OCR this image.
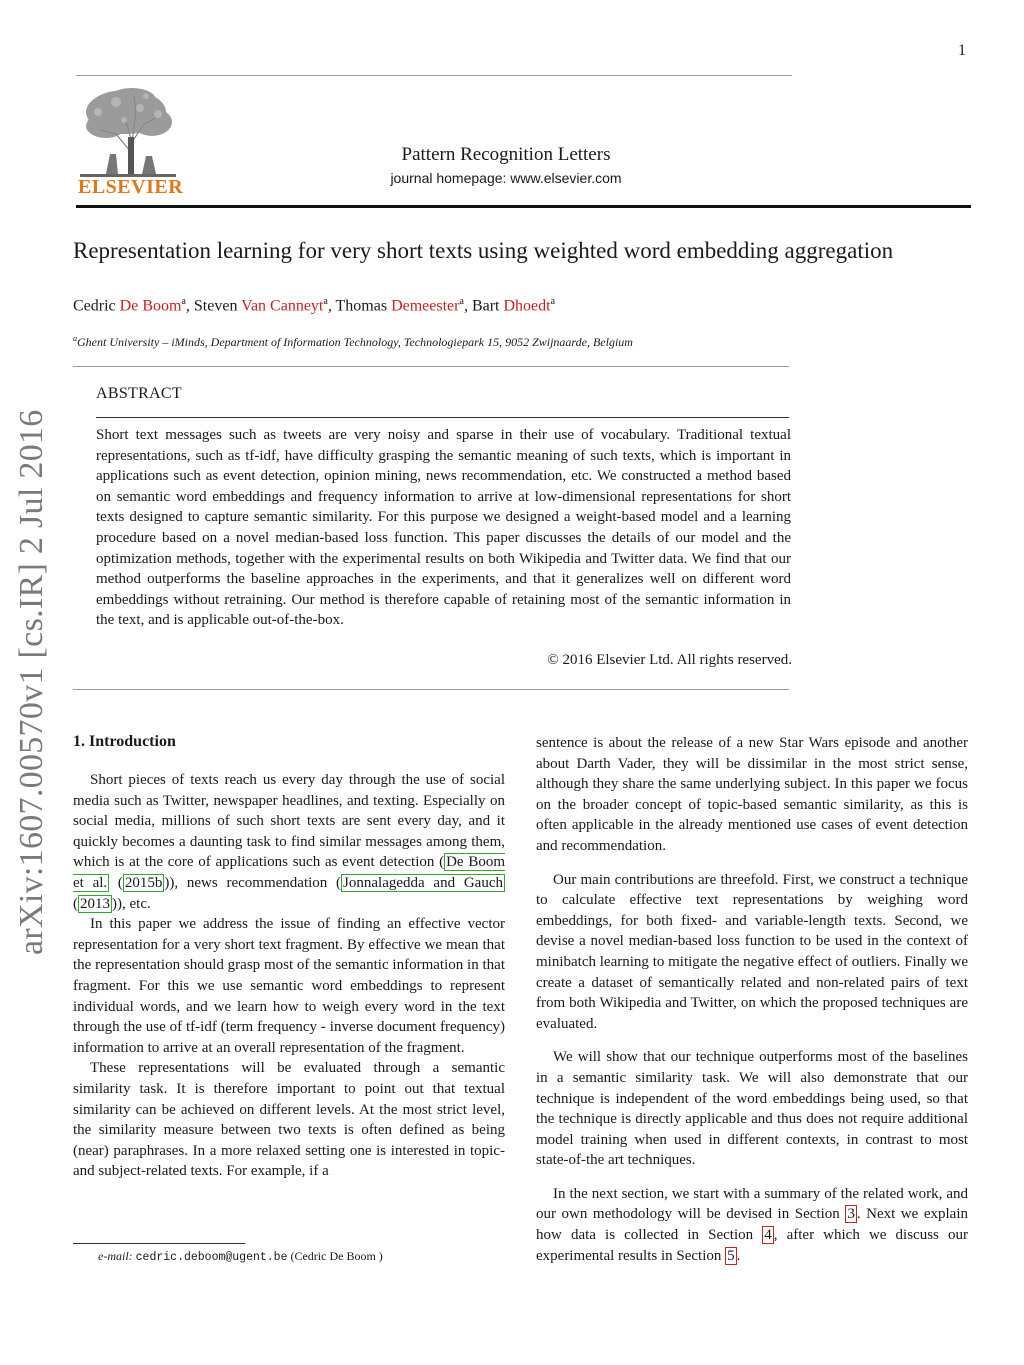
1
ELSEVIER
Pattern Recognition Letters
journal homepage: www.elsevier.com
Representation learning for very short texts using weighted word embedding aggregation
Cedric De Boom$^a$, Steven Van Canneyt$^a$, Thomas Demeester$^a$, Bart Dhoedt$^a$
$^a$Ghent University – iMinds, Department of Information Technology, Technologiepark 15, 9052 Zwijnaarde, Belgium
ABSTRACT
Short text messages such as tweets are very noisy and sparse in their use of vocabulary. Traditional textual representations, such as tf-idf, have difficulty grasping the semantic meaning of such texts, which is important in applications such as event detection, opinion mining, news recommendation, etc. We constructed a method based on semantic word embeddings and frequency information to arrive at low-dimensional representations for short texts designed to capture semantic similarity. For this purpose we designed a weight-based model and a learning procedure based on a novel median-based loss function. This paper discusses the details of our model and the optimization methods, together with the experimental results on both Wikipedia and Twitter data. We find that our method outperforms the baseline approaches in the experiments, and that it generalizes well on different word embeddings without retraining. Our method is therefore capable of retaining most of the semantic information in the text, and is applicable out-of-the-box.
© 2016 Elsevier Ltd. All rights reserved.
arXiv:1607.00570v1 [cs.IR] 2 Jul 2016 1. Introduction

Short pieces of texts reach us every day through the use of social media such as Twitter, newspaper headlines, and texting. Especially on social media, millions of such short texts are sent every day, and it quickly becomes a daunting task to find similar messages among them, which is at the core of applications such as event detection ( De Boom et al. ( 2015b )), news recommendation ( Jonnalagedda and Gauch ( 2013 )), etc.

In this paper we address the issue of finding an effective vector representation for a very short text fragment. By effective we mean that the representation should grasp most of the semantic information in that fragment. For this we use semantic word embeddings to represent individual words, and we learn how to weigh every word in the text through the use of tf-idf (term frequency - inverse document frequency) information to arrive at an overall representation of the fragment.

These representations will be evaluated through a semantic similarity task. It is therefore important to point out that textual similarity can be achieved on different levels. At the most strict level, the similarity measure between two texts is often defined as being (near) paraphrases. In a more relaxed setting one is interested in topic- and subject-related texts. For example, if a

sentence is about the release of a new Star Wars episode and another about Darth Vader, they will be dissimilar in the most strict sense, although they share the same underlying subject. In this paper we focus on the broader concept of topic-based semantic similarity, as this is often applicable in the already mentioned use cases of event detection and recommendation.

Our main contributions are threefold. First, we construct a technique to calculate effective text representations by weighing word embeddings, for both fixed- and variable-length texts. Second, we devise a novel median-based loss function to be used in the context of minibatch learning to mitigate the negative effect of outliers. Finally we create a dataset of semantically related and non-related pairs of text from both Wikipedia and Twitter, on which the proposed techniques are evaluated.

We will show that our technique outperforms most of the baselines in a semantic similarity task. We will also demonstrate that our technique is independent of the word embeddings being used, so that the technique is directly applicable and thus does not require additional model training when used in different contexts, in contrast to most state-of-the art techniques.

In the next section, we start with a summary of the related work, and our own methodology will be devised in Section 3 . Next we explain how data is collected in Section 4 , after which we discuss our experimental results in Section 5 .

e-mail: cedric.deboom@ugent.be (Cedric De Boom )
